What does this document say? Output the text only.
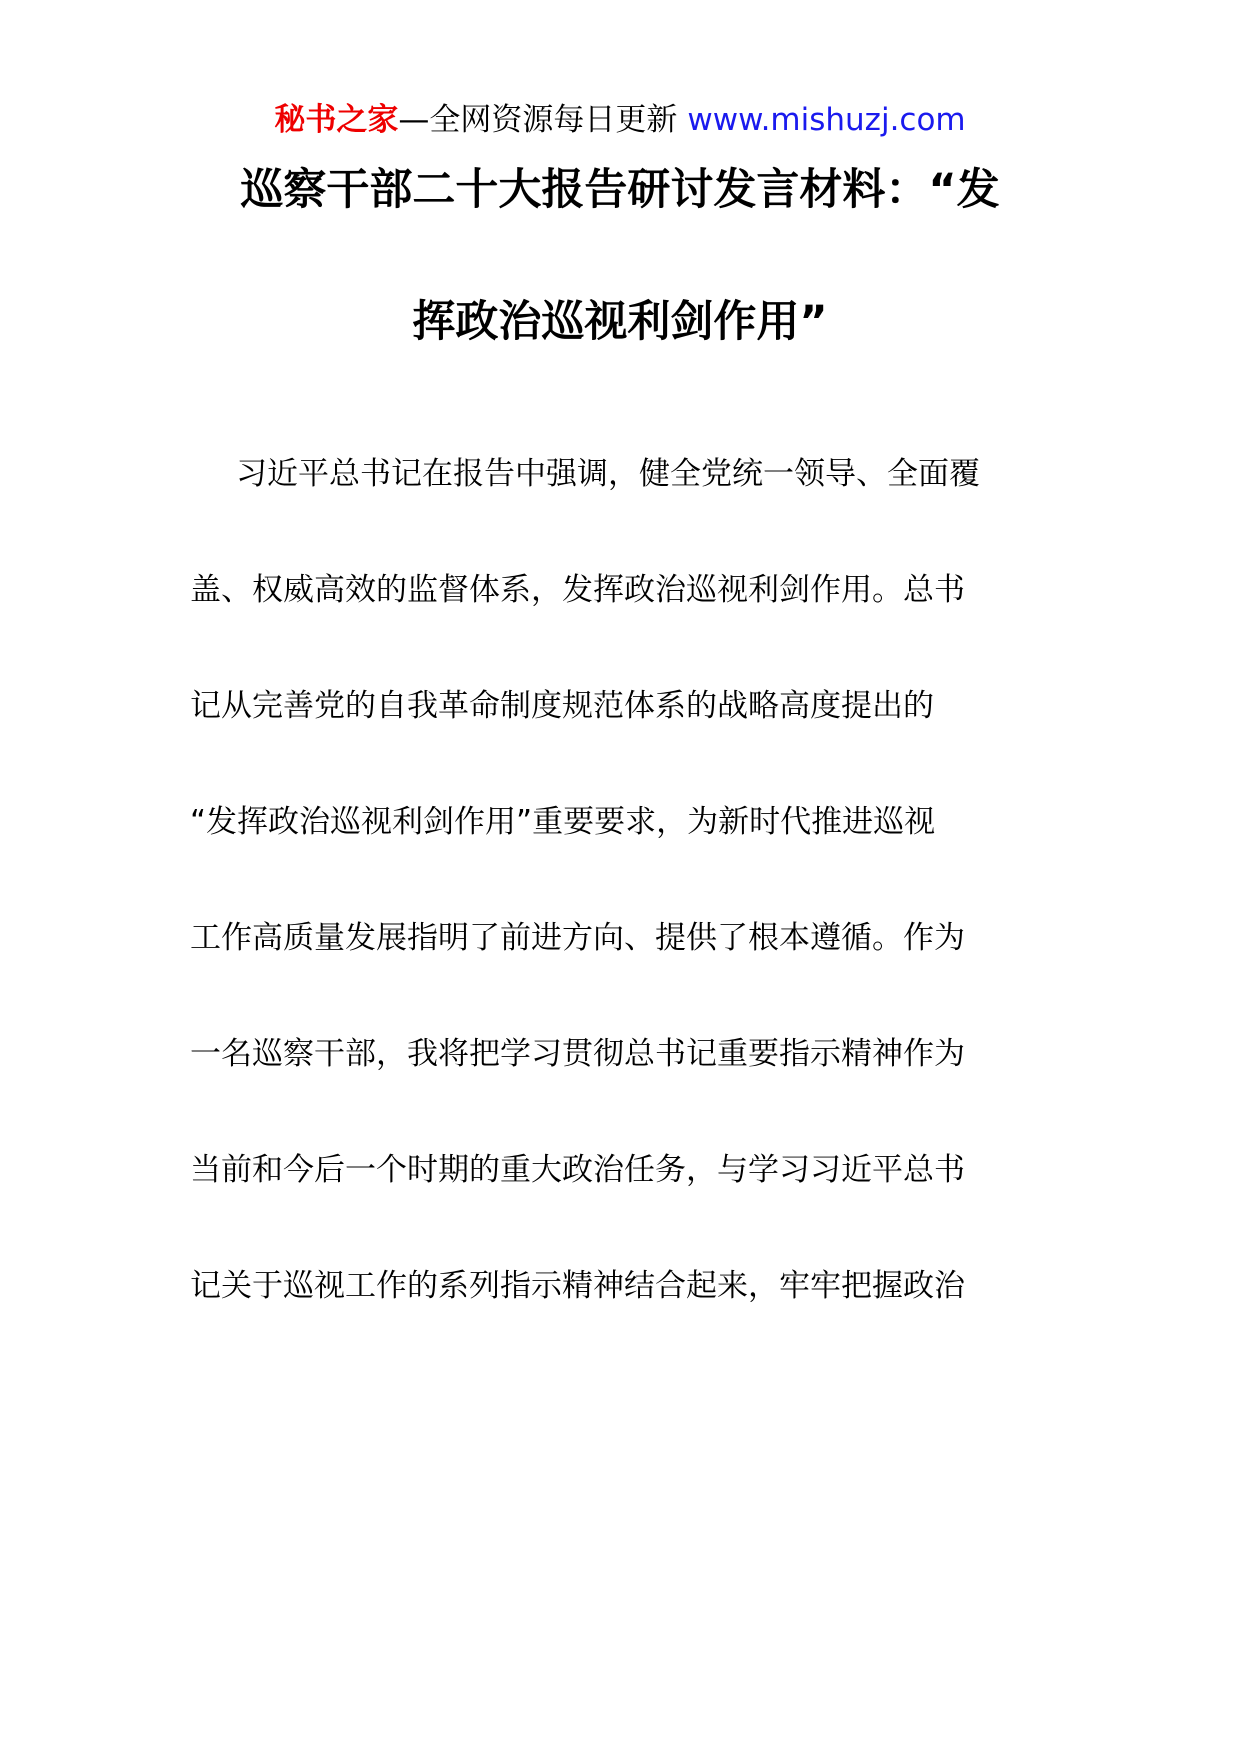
秘书之家—全网资源每日更新 www.mishuzj.com
巡察干部二十大报告研讨发言材料：“发
挥政治巡视利剑作用”
习近平总书记在报告中强调，健全党统一领导、全面覆
盖、权威高效的监督体系，发挥政治巡视利剑作用。总书
记从完善党的自我革命制度规范体系的战略高度提出的
“发挥政治巡视利剑作用”重要要求，为新时代推进巡视
工作高质量发展指明了前进方向、提供了根本遵循。作为
一名巡察干部，我将把学习贯彻总书记重要指示精神作为
当前和今后一个时期的重大政治任务，与学习习近平总书
记关于巡视工作的系列指示精神结合起来，牢牢把握政治
